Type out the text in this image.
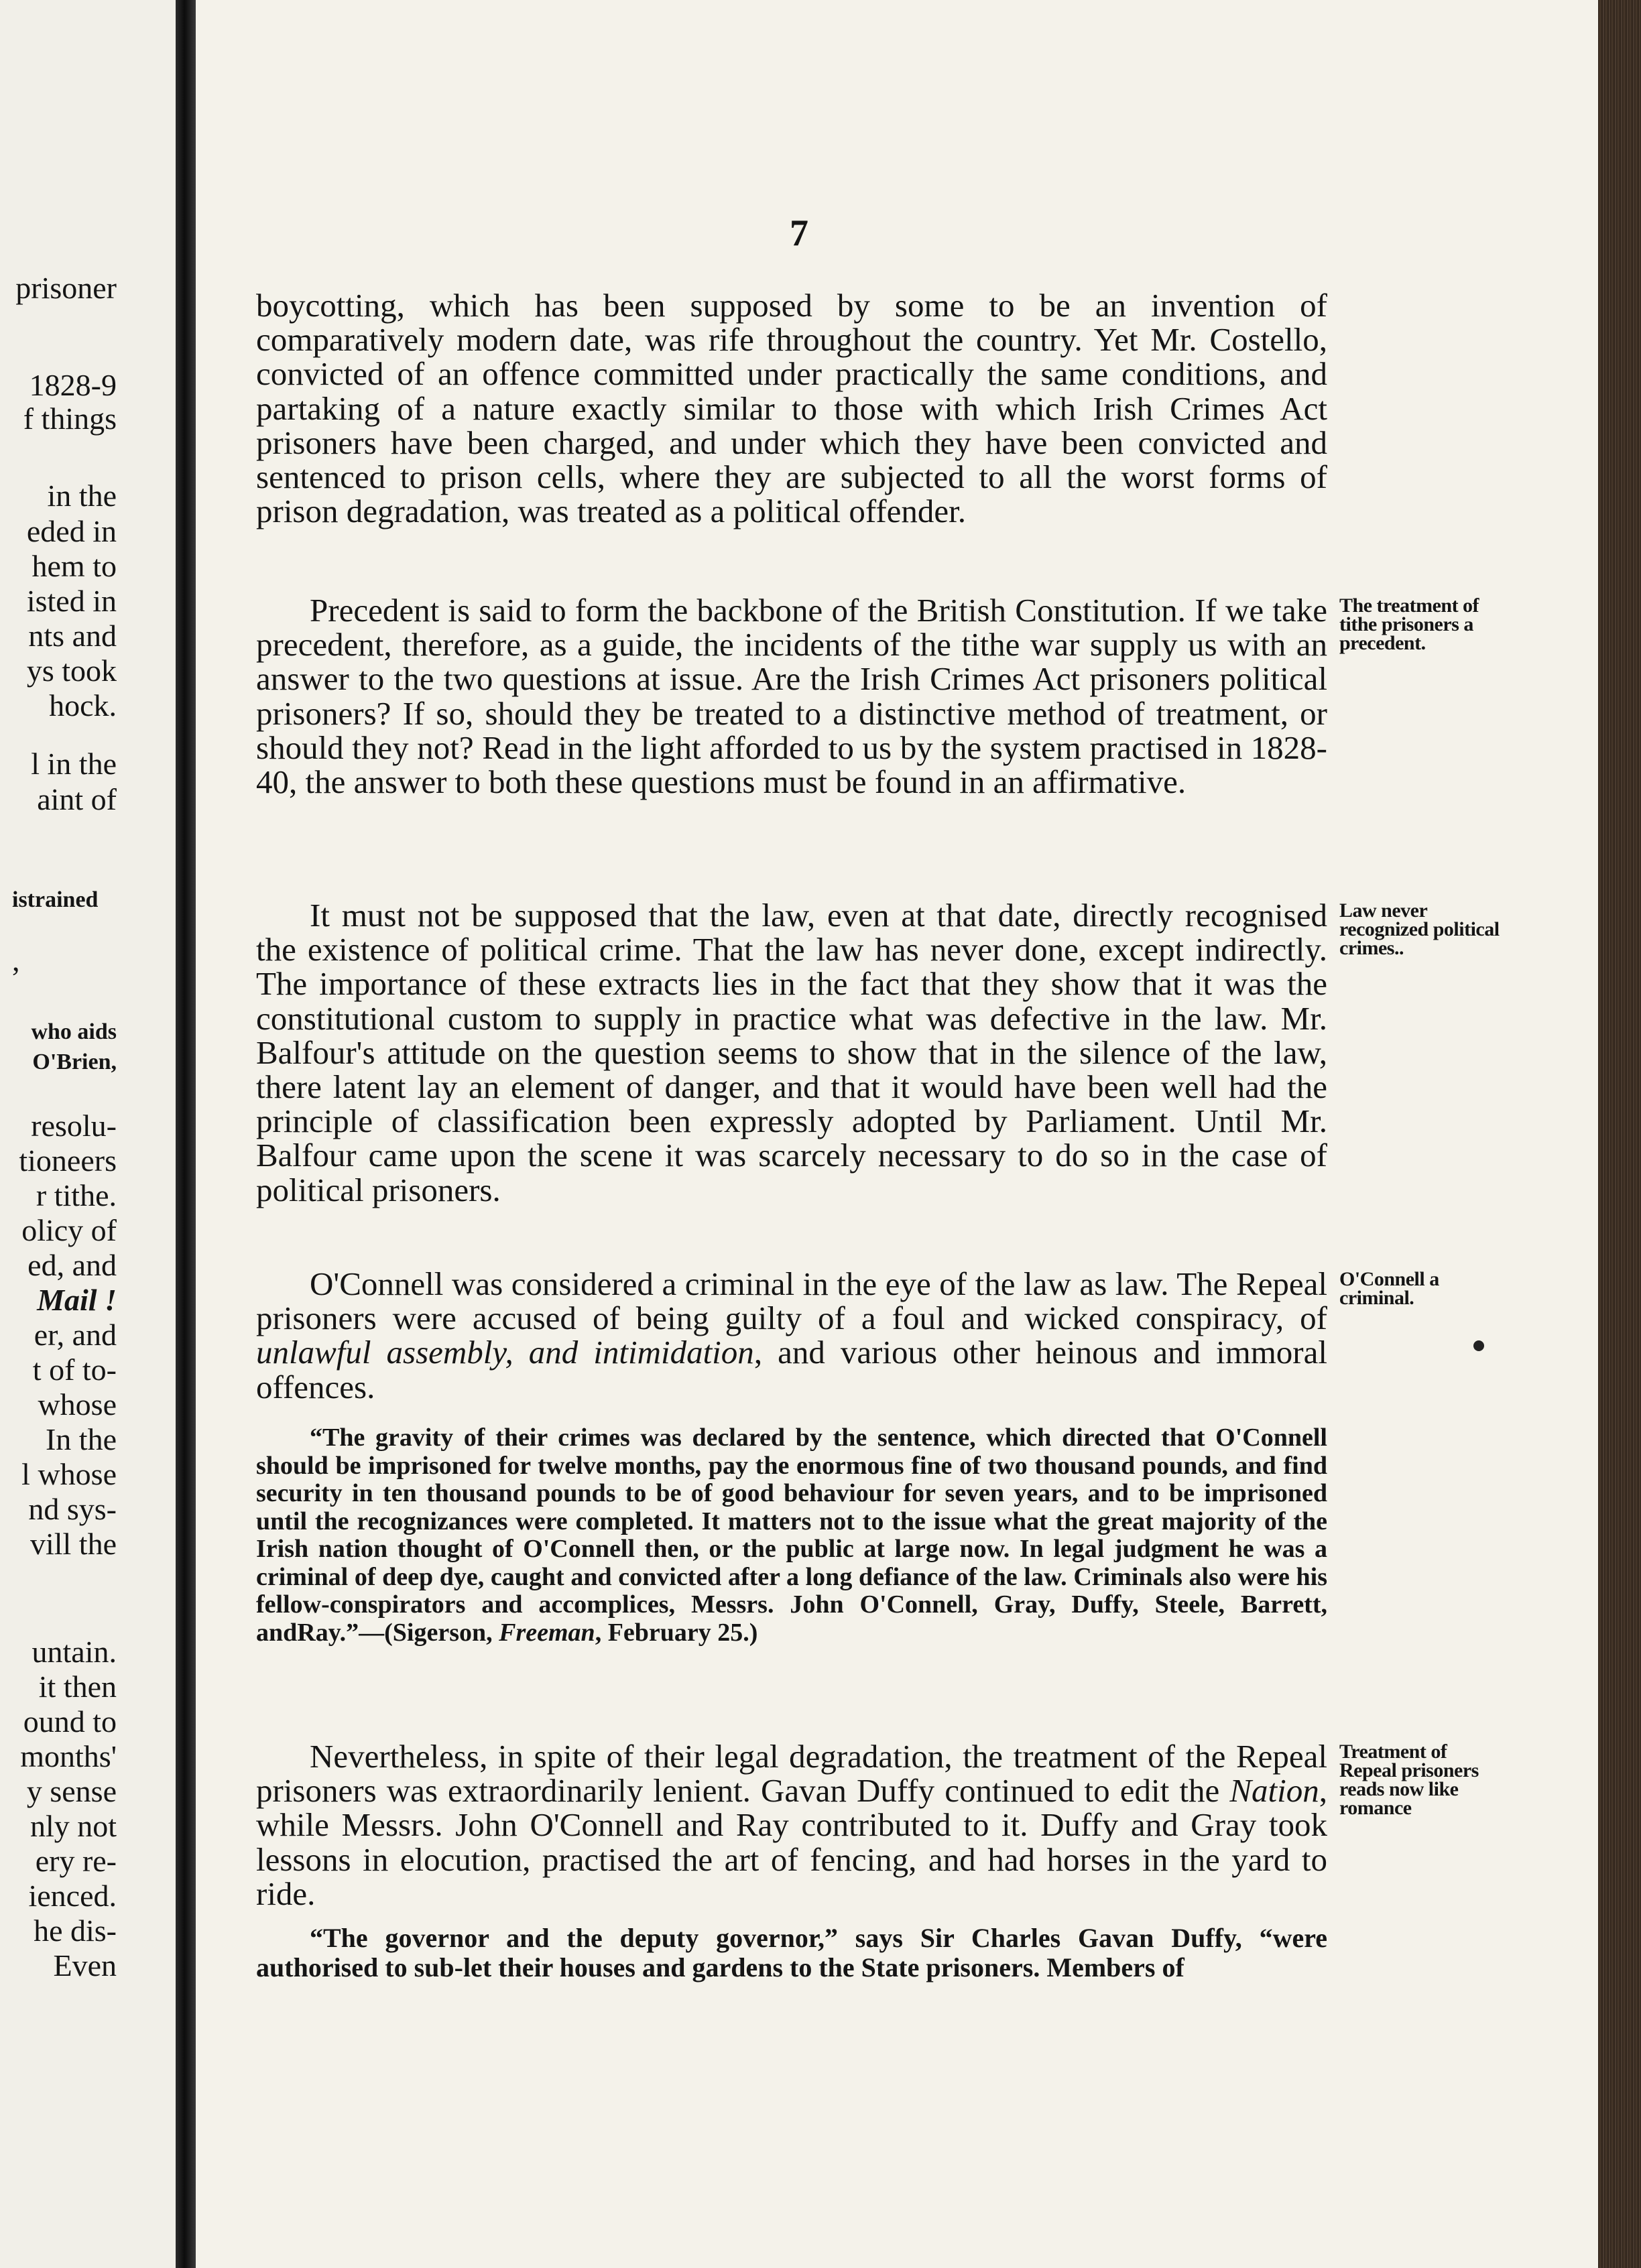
prisoner
1828-9
f things
in the
eded in
hem to
isted in
nts and
ys took
hock.
l in the
aint of
istrained
,
who aids
O'Brien,
resolu-
tioneers
r tithe.
olicy of
ed, and
Mail !
er, and
t of to-
whose
In the
l whose
nd sys-
vill the
untain.
it then
ound to
months'
y sense
nly not
ery re-
ienced.
he dis-
Even
7

boycotting, which has been supposed by some to be an invention of comparatively modern date, was rife throughout the country. Yet Mr. Costello, convicted of an offence committed under practically the same conditions, and partaking of a nature exactly similar to those with which Irish Crimes Act prisoners have been charged, and under which they have been convicted and sentenced to prison cells, where they are subjected to all the worst forms of prison degradation, was treated as a political offender.

Precedent is said to form the backbone of the British Constitution. If we take precedent, therefore, as a guide, the incidents of the tithe war supply us with an answer to the two questions at issue. Are the Irish Crimes Act prisoners political prisoners? If so, should they be treated to a distinctive method of treatment, or should they not? Read in the light afforded to us by the system practised in 1828-40, the answer to both these questions must be found in an affirmative.

It must not be supposed that the law, even at that date, directly recognised the existence of political crime. That the law has never done, except indirectly. The importance of these extracts lies in the fact that they show that it was the constitutional custom to supply in practice what was defective in the law. Mr. Balfour's attitude on the question seems to show that in the silence of the law, there latent lay an element of danger, and that it would have been well had the principle of classification been expressly adopted by Parliament. Until Mr. Balfour came upon the scene it was scarcely necessary to do so in the case of political prisoners.

O'Connell was considered a criminal in the eye of the law as law. The Repeal prisoners were accused of being guilty of a foul and wicked conspiracy, of unlawful assembly, and intimidation, and various other heinous and immoral offences.

“The gravity of their crimes was declared by the sentence, which directed that O'Connell should be imprisoned for twelve months, pay the enormous fine of two thousand pounds, and find security in ten thousand pounds to be of good behaviour for seven years, and to be imprisoned until the recognizances were completed. It matters not to the issue what the great majority of the Irish nation thought of O'Connell then, or the public at large now. In legal judgment he was a criminal of deep dye, caught and convicted after a long defiance of the law. Criminals also were his fellow-conspirators and accomplices, Messrs. John O'Connell, Gray, Duffy, Steele, Barrett, andRay.”—(Sigerson, Freeman, February 25.)

Nevertheless, in spite of their legal degradation, the treatment of the Repeal prisoners was extraordinarily lenient. Gavan Duffy continued to edit the Nation, while Messrs. John O'Connell and Ray contributed to it. Duffy and Gray took lessons in elocution, practised the art of fencing, and had horses in the yard to ride.

“The governor and the deputy governor,” says Sir Charles Gavan Duffy, “were authorised to sub-let their houses and gardens to the State prisoners. Members of

The treatment of tithe prisoners a precedent.
Law never recognized political crimes..
O'Connell a criminal.
Treatment of Repeal prisoners reads now like romance
